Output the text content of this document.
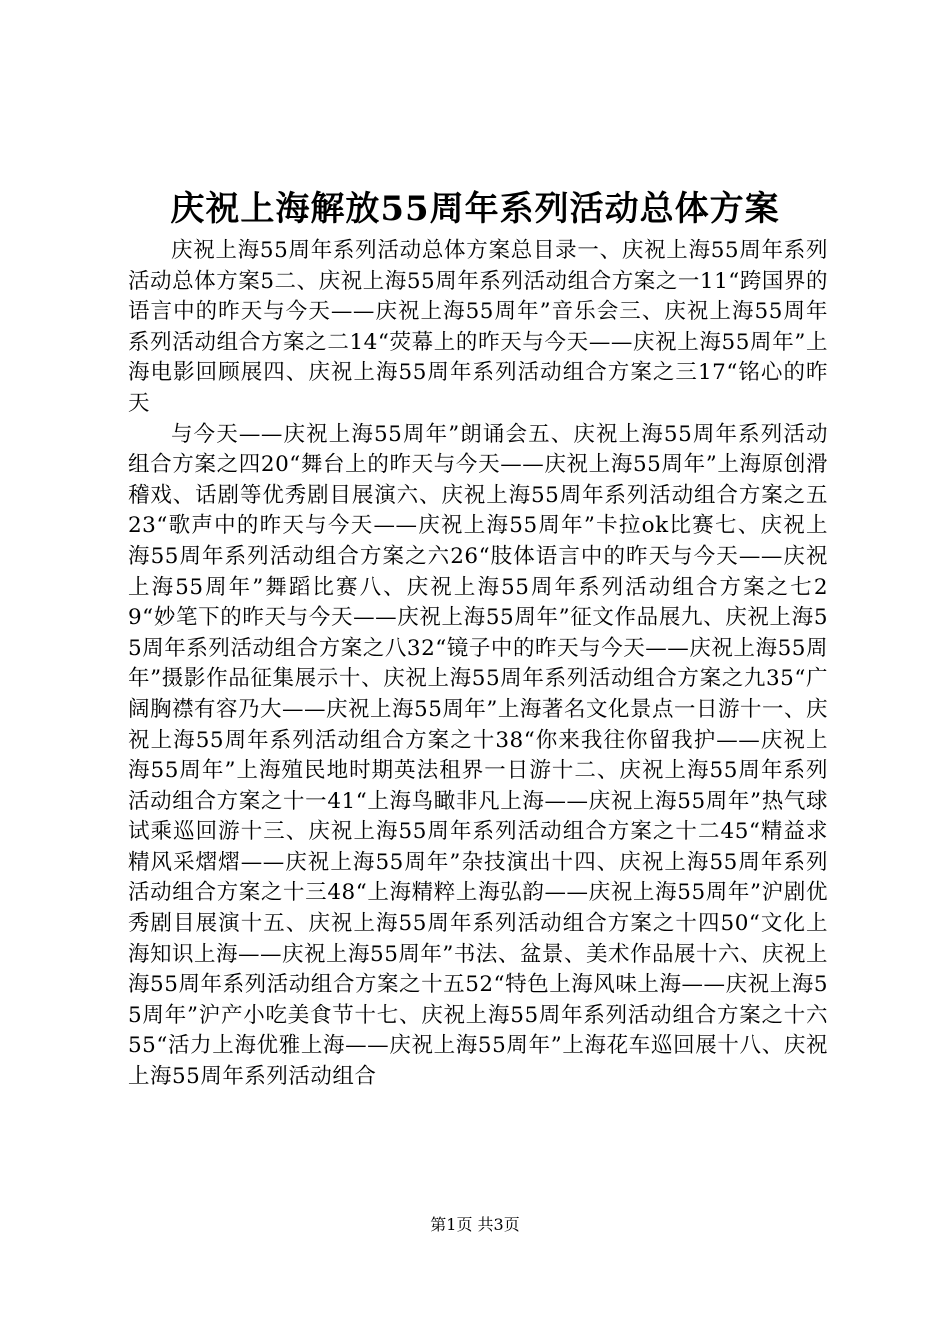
庆祝上海解放55周年系列活动总体方案

庆祝上海55周年系列活动总体方案总目录一、庆祝上海55周年系列活动总体方案5二、庆祝上海55周年系列活动组合方案之一11“跨国界的语言中的昨天与今天——庆祝上海55周年”音乐会三、庆祝上海55周年系列活动组合方案之二14“荧幕上的昨天与今天——庆祝上海55周年”上海电影回顾展四、庆祝上海55周年系列活动组合方案之三17“铭心的昨天

与今天——庆祝上海55周年”朗诵会五、庆祝上海55周年系列活动组合方案之四20“舞台上的昨天与今天——庆祝上海55周年”上海原创滑稽戏、话剧等优秀剧目展演六、庆祝上海55周年系列活动组合方案之五23“歌声中的昨天与今天——庆祝上海55周年”卡拉ok比赛七、庆祝上海55周年系列活动组合方案之六26“肢体语言中的昨天与今天——庆祝上海55周年”舞蹈比赛八、庆祝上海55周年系列活动组合方案之七29“妙笔下的昨天与今天——庆祝上海55周年”征文作品展九、庆祝上海55周年系列活动组合方案之八32“镜子中的昨天与今天——庆祝上海55周年”摄影作品征集展示十、庆祝上海55周年系列活动组合方案之九35“广阔胸襟有容乃大——庆祝上海55周年”上海著名文化景点一日游十一、庆祝上海55周年系列活动组合方案之十38“你来我往你留我护——庆祝上海55周年”上海殖民地时期英法租界一日游十二、庆祝上海55周年系列活动组合方案之十一41“上海鸟瞰非凡上海——庆祝上海55周年”热气球试乘巡回游十三、庆祝上海55周年系列活动组合方案之十二45“精益求精风采熠熠——庆祝上海55周年”杂技演出十四、庆祝上海55周年系列活动组合方案之十三48“上海精粹上海弘韵——庆祝上海55周年”沪剧优秀剧目展演十五、庆祝上海55周年系列活动组合方案之十四50“文化上海知识上海——庆祝上海55周年”书法、盆景、美术作品展十六、庆祝上海55周年系列活动组合方案之十五52“特色上海风味上海——庆祝上海55周年”沪产小吃美食节十七、庆祝上海55周年系列活动组合方案之十六55“活力上海优雅上海——庆祝上海55周年”上海花车巡回展十八、庆祝上海55周年系列活动组合

第1页 共3页
